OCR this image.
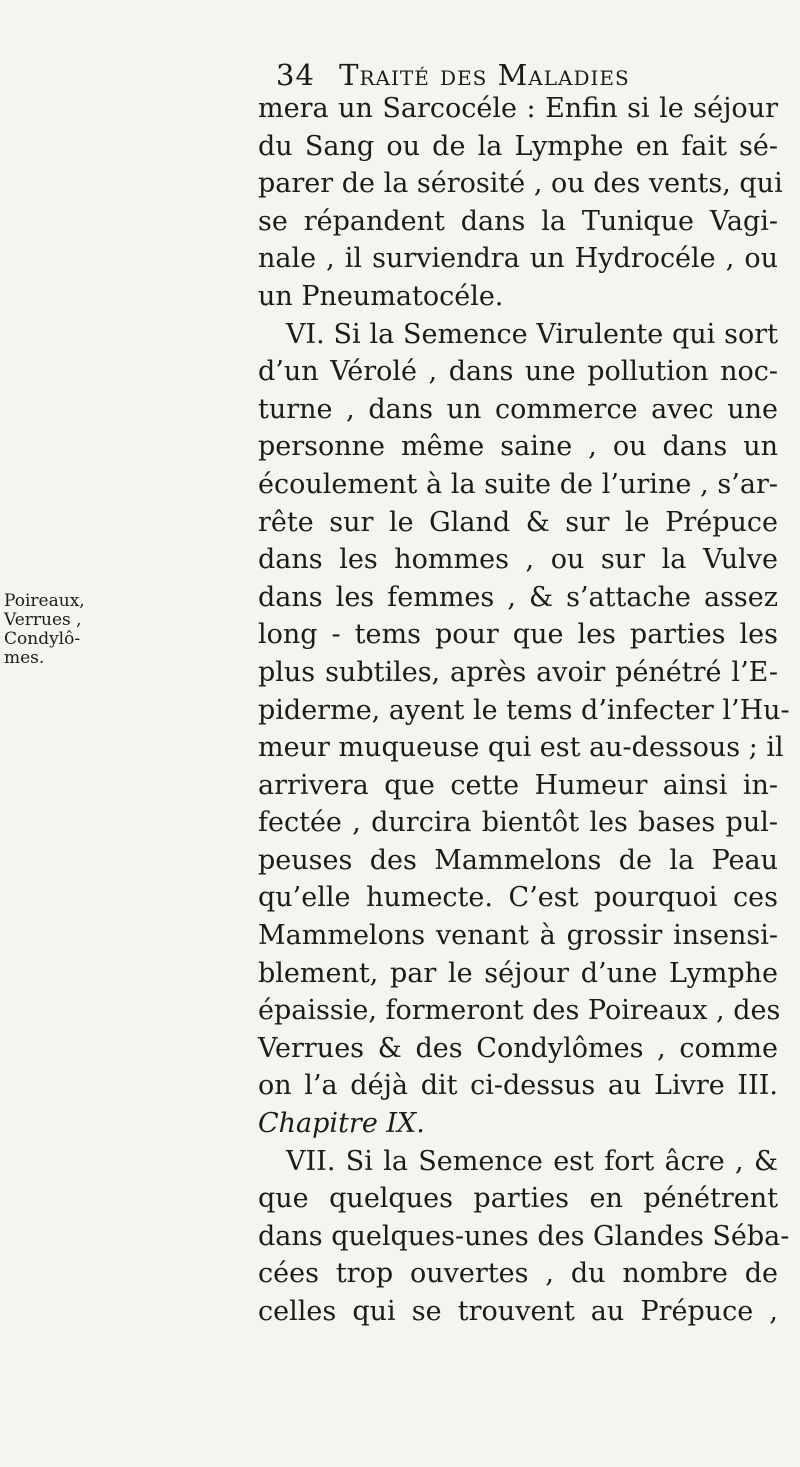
34 Traité des Maladies
Poireaux,
Verrues ,
Condylô-
mes.
mera un Sarcocéle : Enfin si le séjour
du Sang ou de la Lymphe en fait sé-
parer de la sérosité , ou des vents, qui
se répandent dans la Tunique Vagi-
nale , il surviendra un Hydrocéle , ou
un Pneumatocéle.
VI. Si la Semence Virulente qui sort
d’un Vérolé , dans une pollution noc-
turne , dans un commerce avec une
personne même saine , ou dans un
écoulement à la suite de l’urine , s’ar-
rête sur le Gland & sur le Prépuce
dans les hommes , ou sur la Vulve
dans les femmes , & s’attache assez
long - tems pour que les parties les
plus subtiles, après avoir pénétré l’E-
piderme, ayent le tems d’infecter l’Hu-
meur muqueuse qui est au-dessous ; il
arrivera que cette Humeur ainsi in-
fectée , durcira bientôt les bases pul-
peuses des Mammelons de la Peau
qu’elle humecte. C’est pourquoi ces
Mammelons venant à grossir insensi-
blement, par le séjour d’une Lymphe
épaissie, formeront des Poireaux , des
Verrues & des Condylômes , comme
on l’a déjà dit ci-dessus au Livre III.
Chapitre IX.
VII. Si la Semence est fort âcre , &
que quelques parties en pénétrent
dans quelques-unes des Glandes Séba-
cées trop ouvertes , du nombre de
celles qui se trouvent au Prépuce ,
